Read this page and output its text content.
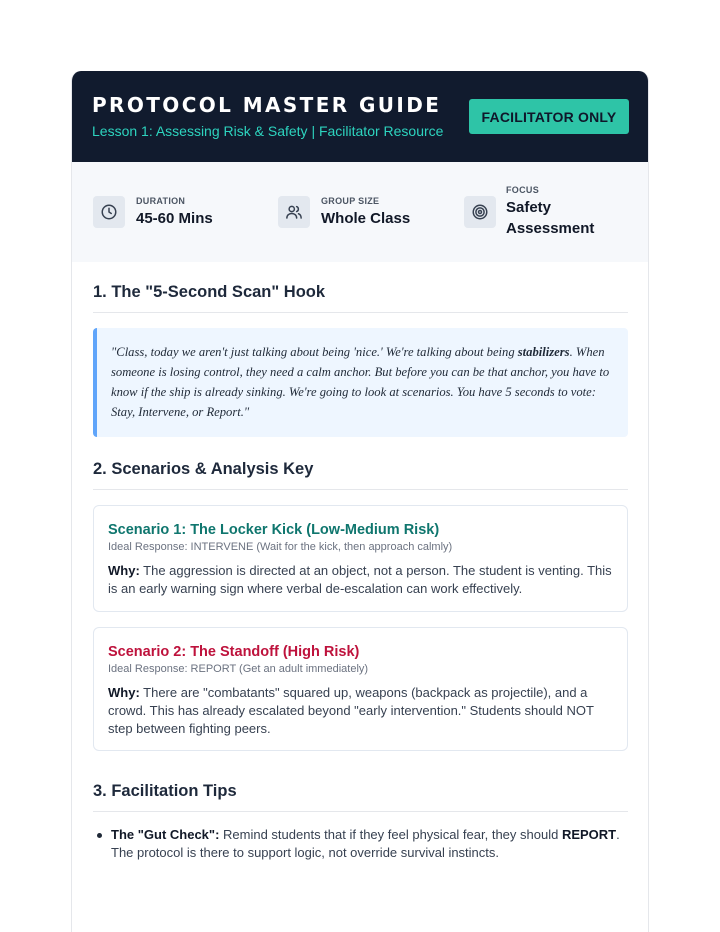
PROTOCOL MASTER GUIDE
Lesson 1: Assessing Risk & Safety | Facilitator Resource
FACILITATOR ONLY
DURATION
45-60 Mins
GROUP SIZE
Whole Class
FOCUS
Safety Assessment
1. The "5-Second Scan" Hook
"Class, today we aren't just talking about being 'nice.' We're talking about being stabilizers. When someone is losing control, they need a calm anchor. But before you can be that anchor, you have to know if the ship is already sinking. We're going to look at scenarios. You have 5 seconds to vote: Stay, Intervene, or Report."
2. Scenarios & Analysis Key
Scenario 1: The Locker Kick (Low-Medium Risk)
Ideal Response: INTERVENE (Wait for the kick, then approach calmly)
Why: The aggression is directed at an object, not a person. The student is venting. This is an early warning sign where verbal de-escalation can work effectively.
Scenario 2: The Standoff (High Risk)
Ideal Response: REPORT (Get an adult immediately)
Why: There are "combatants" squared up, weapons (backpack as projectile), and a crowd. This has already escalated beyond "early intervention." Students should NOT step between fighting peers.
3. Facilitation Tips
The "Gut Check": Remind students that if they feel physical fear, they should REPORT. The protocol is there to support logic, not override survival instincts.
